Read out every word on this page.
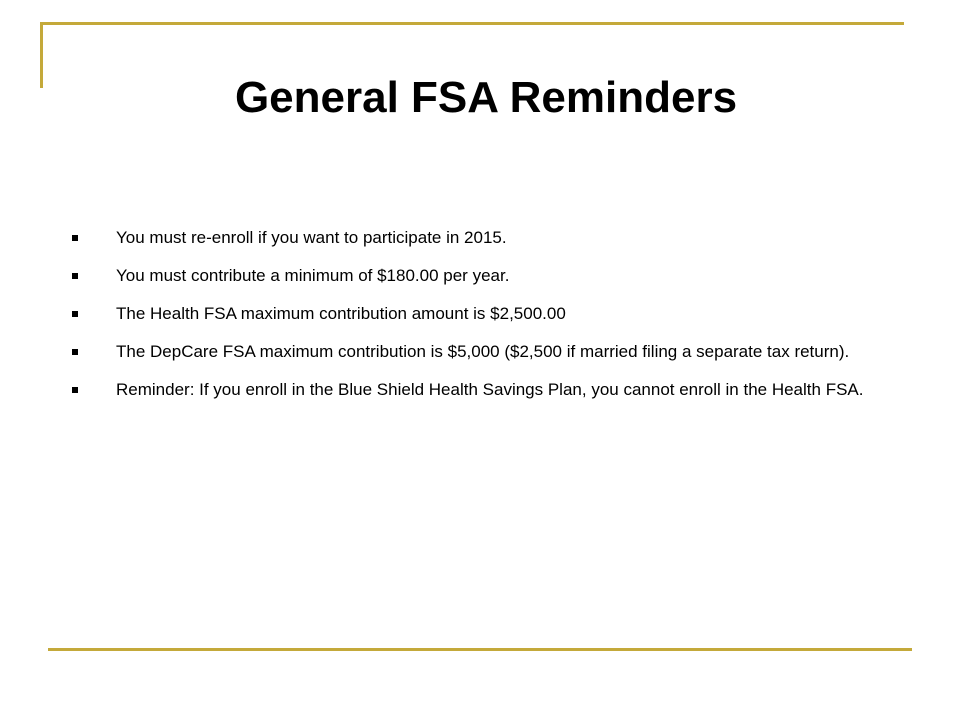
General FSA Reminders
You must re-enroll if you want to participate in 2015.
You must contribute a minimum of $180.00 per year.
The Health FSA maximum contribution amount is $2,500.00
The DepCare FSA maximum contribution is $5,000 ($2,500 if married filing a separate tax return).
Reminder: If you enroll in the Blue Shield Health Savings Plan, you cannot enroll in the Health FSA.
